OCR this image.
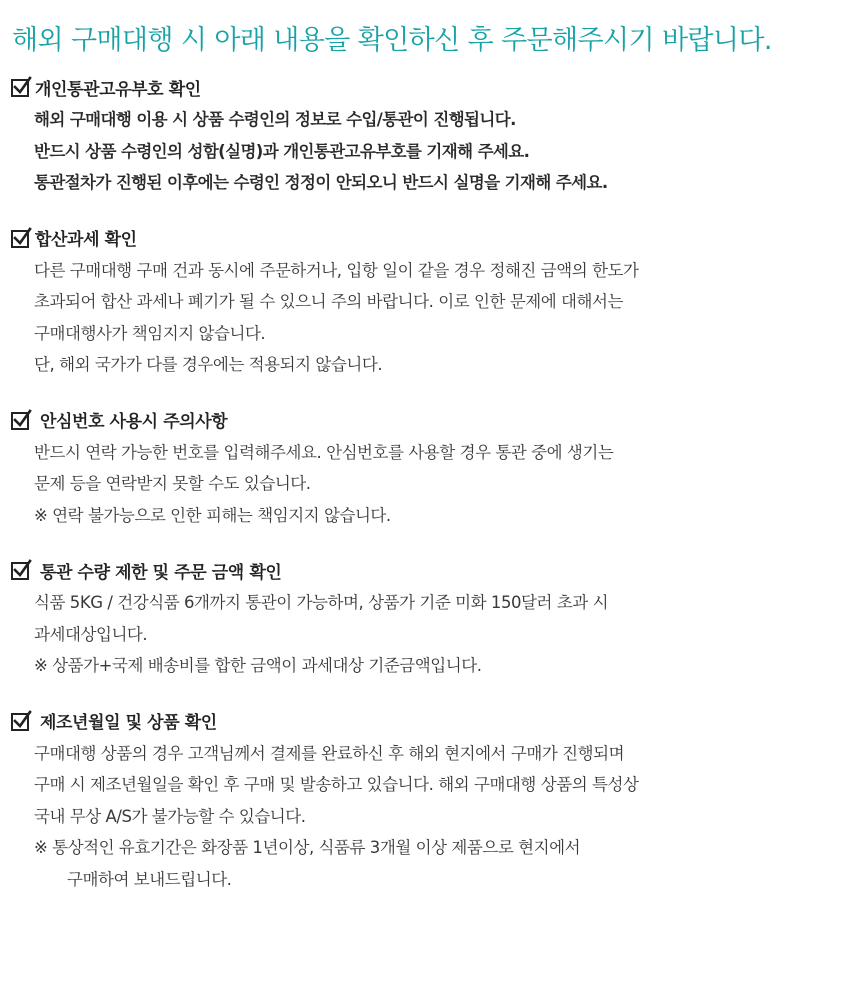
해외 구매대행 시 아래 내용을 확인하신 후 주문해주시기 바랍니다.
개인통관고유부호 확인
해외 구매대행 이용 시 상품 수령인의 정보로 수입/통관이 진행됩니다.
반드시 상품 수령인의 성함(실명)과 개인통관고유부호를 기재해 주세요.
통관절차가 진행된 이후에는 수령인 정정이 안되오니 반드시 실명을 기재해 주세요.
합산과세 확인
다른 구매대행 구매 건과 동시에 주문하거나, 입항 일이 같을 경우 정해진 금액의 한도가
초과되어 합산 과세나 폐기가 될 수 있으니 주의 바랍니다. 이로 인한 문제에 대해서는
구매대행사가 책임지지 않습니다.
단, 해외 국가가 다를 경우에는 적용되지 않습니다.
안심번호 사용시 주의사항
반드시 연락 가능한 번호를 입력해주세요. 안심번호를 사용할 경우 통관 중에 생기는
문제 등을 연락받지 못할 수도 있습니다.
※ 연락 불가능으로 인한 피해는 책임지지 않습니다.
통관 수량 제한 및 주문 금액 확인
식품 5KG / 건강식품 6개까지 통관이 가능하며, 상품가 기준 미화 150달러 초과 시
과세대상입니다.
※ 상품가+국제 배송비를 합한 금액이 과세대상 기준금액입니다.
제조년월일 및 상품 확인
구매대행 상품의 경우 고객님께서 결제를 완료하신 후 해외 현지에서 구매가 진행되며
구매 시 제조년월일을 확인 후 구매 및 발송하고 있습니다. 해외 구매대행 상품의 특성상
국내 무상 A/S가 불가능할 수 있습니다.
※ 통상적인 유효기간은 화장품 1년이상, 식품류 3개월 이상 제품으로 현지에서
구매하여 보내드립니다.
